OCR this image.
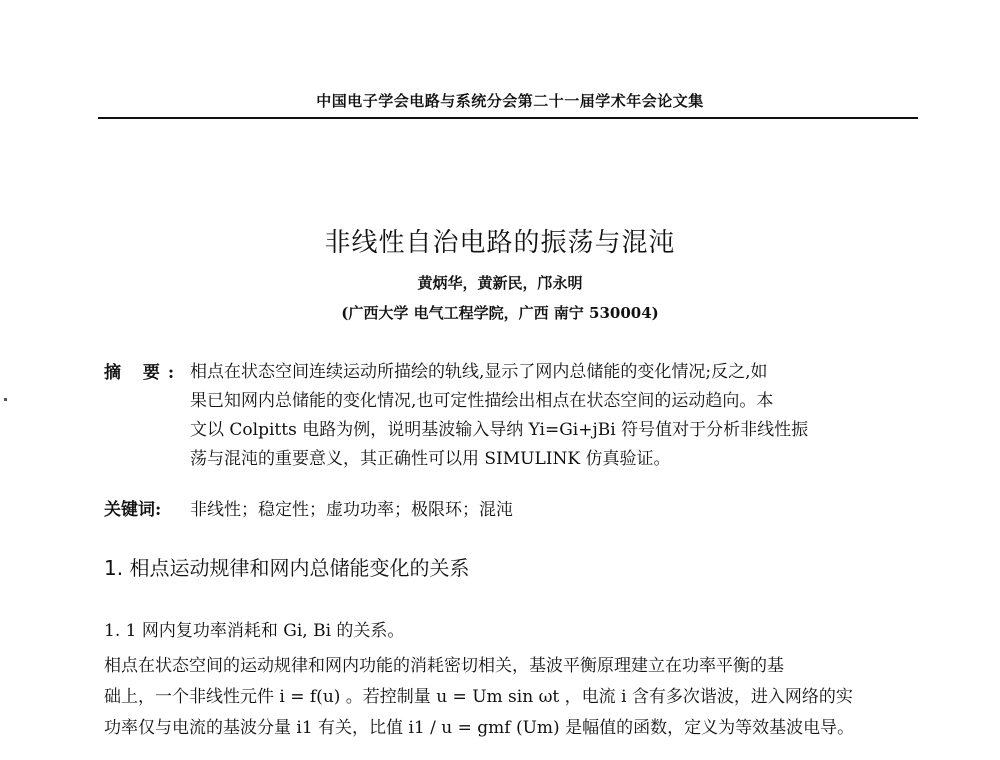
中国电子学会电路与系统分会第二十一届学术年会论文集
非线性自治电路的振荡与混沌
黄炳华，黄新民，邝永明
(广西大学 电气工程学院，广西 南宁 530004)
摘 要: 相点在状态空间连续运动所描绘的轨线,显示了网内总储能的变化情况;反之,如
果已知网内总储能的变化情况,也可定性描绘出相点在状态空间的运动趋向。本
文以 Colpitts 电路为例，说明基波输入导纳 Yi=Gi+jBi 符号值对于分析非线性振
荡与混沌的重要意义，其正确性可以用 SIMULINK 仿真验证。
关键词: 非线性；稳定性；虚功功率；极限环；混沌
1. 相点运动规律和网内总储能变化的关系
1. 1 网内复功率消耗和 Gi, Bi 的关系。
相点在状态空间的运动规律和网内功能的消耗密切相关，基波平衡原理建立在功率平衡的基
础上，一个非线性元件 i = f(u) 。若控制量 u = Um sin ωt ，电流 i 含有多次谐波，进入网络的实
功率仅与电流的基波分量 i1 有关，比值 i1 / u = gmf (Um) 是幅值的函数，定义为等效基波电导。
